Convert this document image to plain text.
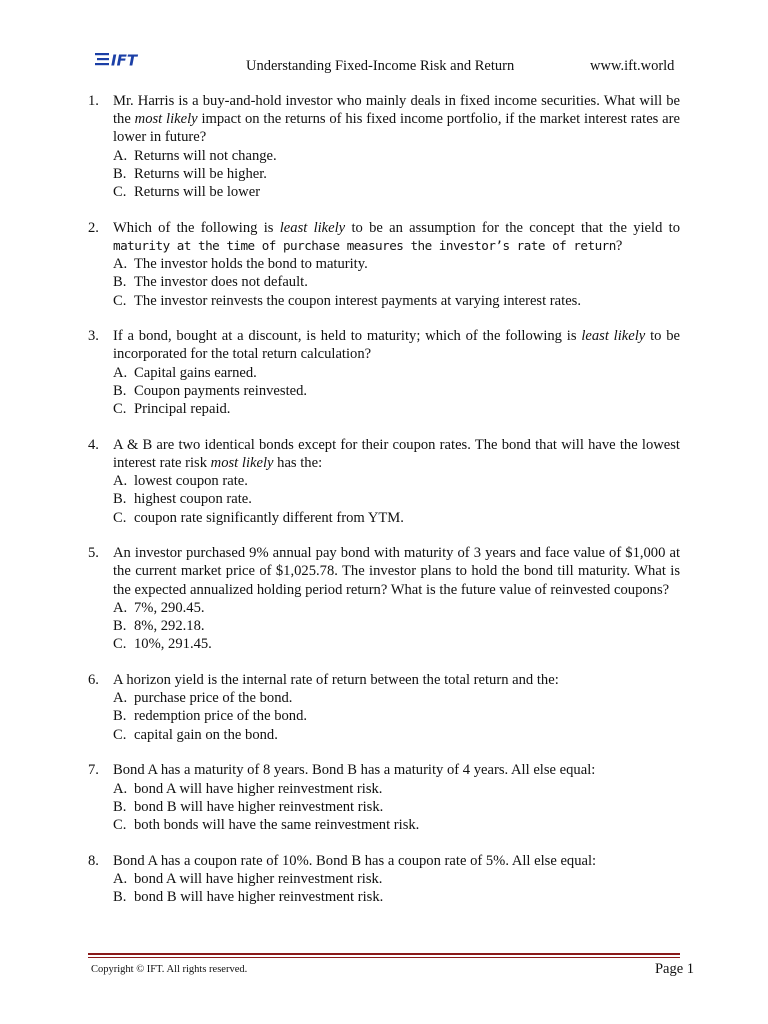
IFT	Understanding Fixed-Income Risk and Return	www.ift.world
1. Mr. Harris is a buy-and-hold investor who mainly deals in fixed income securities. What will be the most likely impact on the returns of his fixed income portfolio, if the market interest rates are lower in future?

A. Returns will not change.
B. Returns will be higher.
C. Returns will be lower
2. Which of the following is least likely to be an assumption for the concept that the yield to maturity at the time of purchase measures the investor’s rate of return?

A. The investor holds the bond to maturity.
B. The investor does not default.
C. The investor reinvests the coupon interest payments at varying interest rates.
3. If a bond, bought at a discount, is held to maturity; which of the following is least likely to be incorporated for the total return calculation?

A. Capital gains earned.
B. Coupon payments reinvested.
C. Principal repaid.
4. A & B are two identical bonds except for their coupon rates. The bond that will have the lowest interest rate risk most likely has the:

A. lowest coupon rate.
B. highest coupon rate.
C. coupon rate significantly different from YTM.
5. An investor purchased 9% annual pay bond with maturity of 3 years and face value of $1,000 at the current market price of $1,025.78. The investor plans to hold the bond till maturity. What is the expected annualized holding period return? What is the future value of reinvested coupons?

A. 7%, 290.45.
B. 8%, 292.18.
C. 10%, 291.45.
6. A horizon yield is the internal rate of return between the total return and the:

A. purchase price of the bond.
B. redemption price of the bond.
C. capital gain on the bond.
7. Bond A has a maturity of 8 years. Bond B has a maturity of 4 years. All else equal:

A. bond A will have higher reinvestment risk.
B. bond B will have higher reinvestment risk.
C. both bonds will have the same reinvestment risk.
8. Bond A has a coupon rate of 10%. Bond B has a coupon rate of 5%. All else equal:

A. bond A will have higher reinvestment risk.
B. bond B will have higher reinvestment risk.
Copyright © IFT. All rights reserved.	Page 1
